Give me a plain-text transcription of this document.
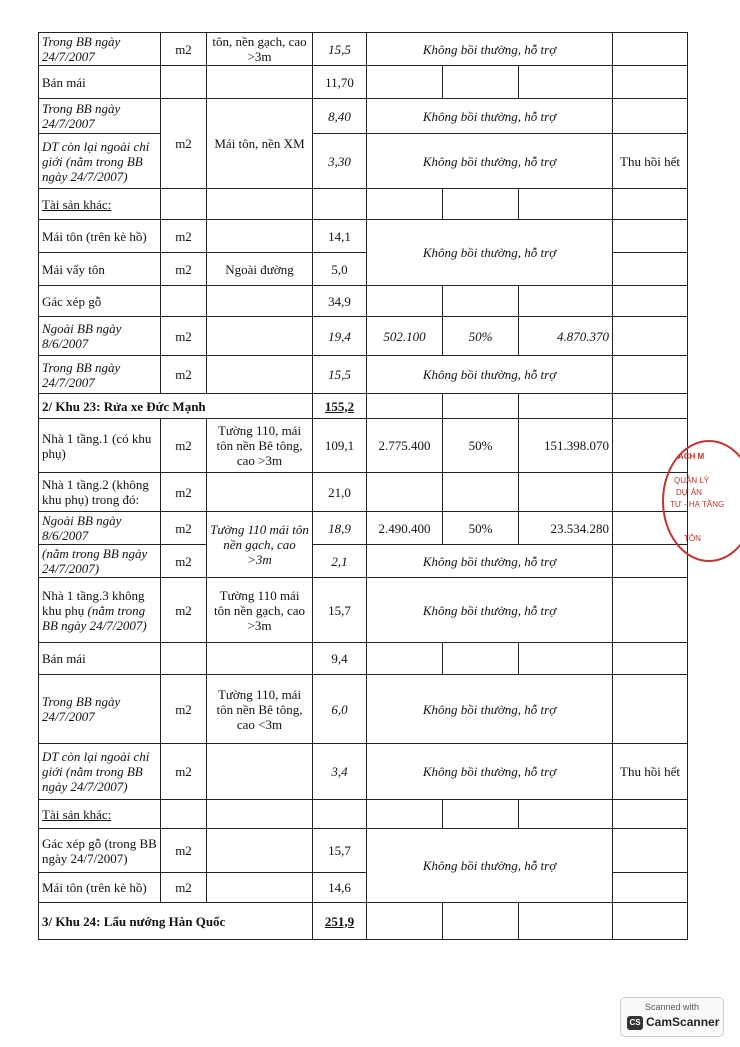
Trong BB ngày 24/7/2007	m2	tôn, nền gạch, cao >3m	15,5	Không bồi thường, hỗ trợ			
Bán mái			11,70				
Trong BB ngày 24/7/2007	m2	Mái tôn, nền XM	8,40	Không bồi thường, hỗ trợ			
DT còn lại ngoài chỉ giới (nằm trong BB ngày 24/7/2007)			3,30	Không bồi thường, hỗ trợ			Thu hồi hết
Tài sản khác:							
Mái tôn (trên kè hồ)	m2		14,1	Không bồi thường, hỗ trợ			
Mái vẩy tôn	m2	Ngoài đường	5,0				
Gác xép gỗ			34,9				
Ngoài BB ngày 8/6/2007	m2		19,4	502.100	50%	4.870.370	
Trong BB ngày 24/7/2007	m2		15,5	Không bồi thường, hỗ trợ			
2/ Khu 23: Rửa xe Đức Mạnh			155,2				
Nhà 1 tầng.1 (có khu phụ)	m2	Tường 110, mái tôn nền Bê tông, cao >3m	109,1	2.775.400	50%	151.398.070	
Nhà 1 tầng.2 (không khu phụ) trong đó:	m2		21,0				
Ngoài BB ngày 8/6/2007	m2	Tường 110 mái tôn nền gạch, cao >3m	18,9	2.490.400	50%	23.534.280	
(nằm trong BB ngày 24/7/2007)	m2		2,1	Không bồi thường, hỗ trợ			
Nhà 1 tầng.3 không khu phụ (nằm trong BB ngày 24/7/2007)	m2	Tường 110 mái tôn nền gạch, cao >3m	15,7	Không bồi thường, hỗ trợ			
Bán mái			9,4				
Trong BB ngày 24/7/2007	m2	Tường 110, mái tôn nền Bê tông, cao <3m	6,0	Không bồi thường, hỗ trợ			
DT còn lại ngoài chỉ giới (nằm trong BB ngày 24/7/2007)	m2		3,4	Không bồi thường, hỗ trợ			Thu hồi hết
Tài sản khác:							
Gác xép gỗ (trong BB ngày 24/7/2007)	m2		15,7	Không bồi thường, hỗ trợ			
Mái tôn (trên kè hồ)	m2		14,6				
3/ Khu 24: Lẩu nướng Hàn Quốc			251,9				
ACH M
QUẢN LÝ
DỰ ÁN
TƯ - HẠ TẦNG
TÔN
Scanned with
CS CamScanner
